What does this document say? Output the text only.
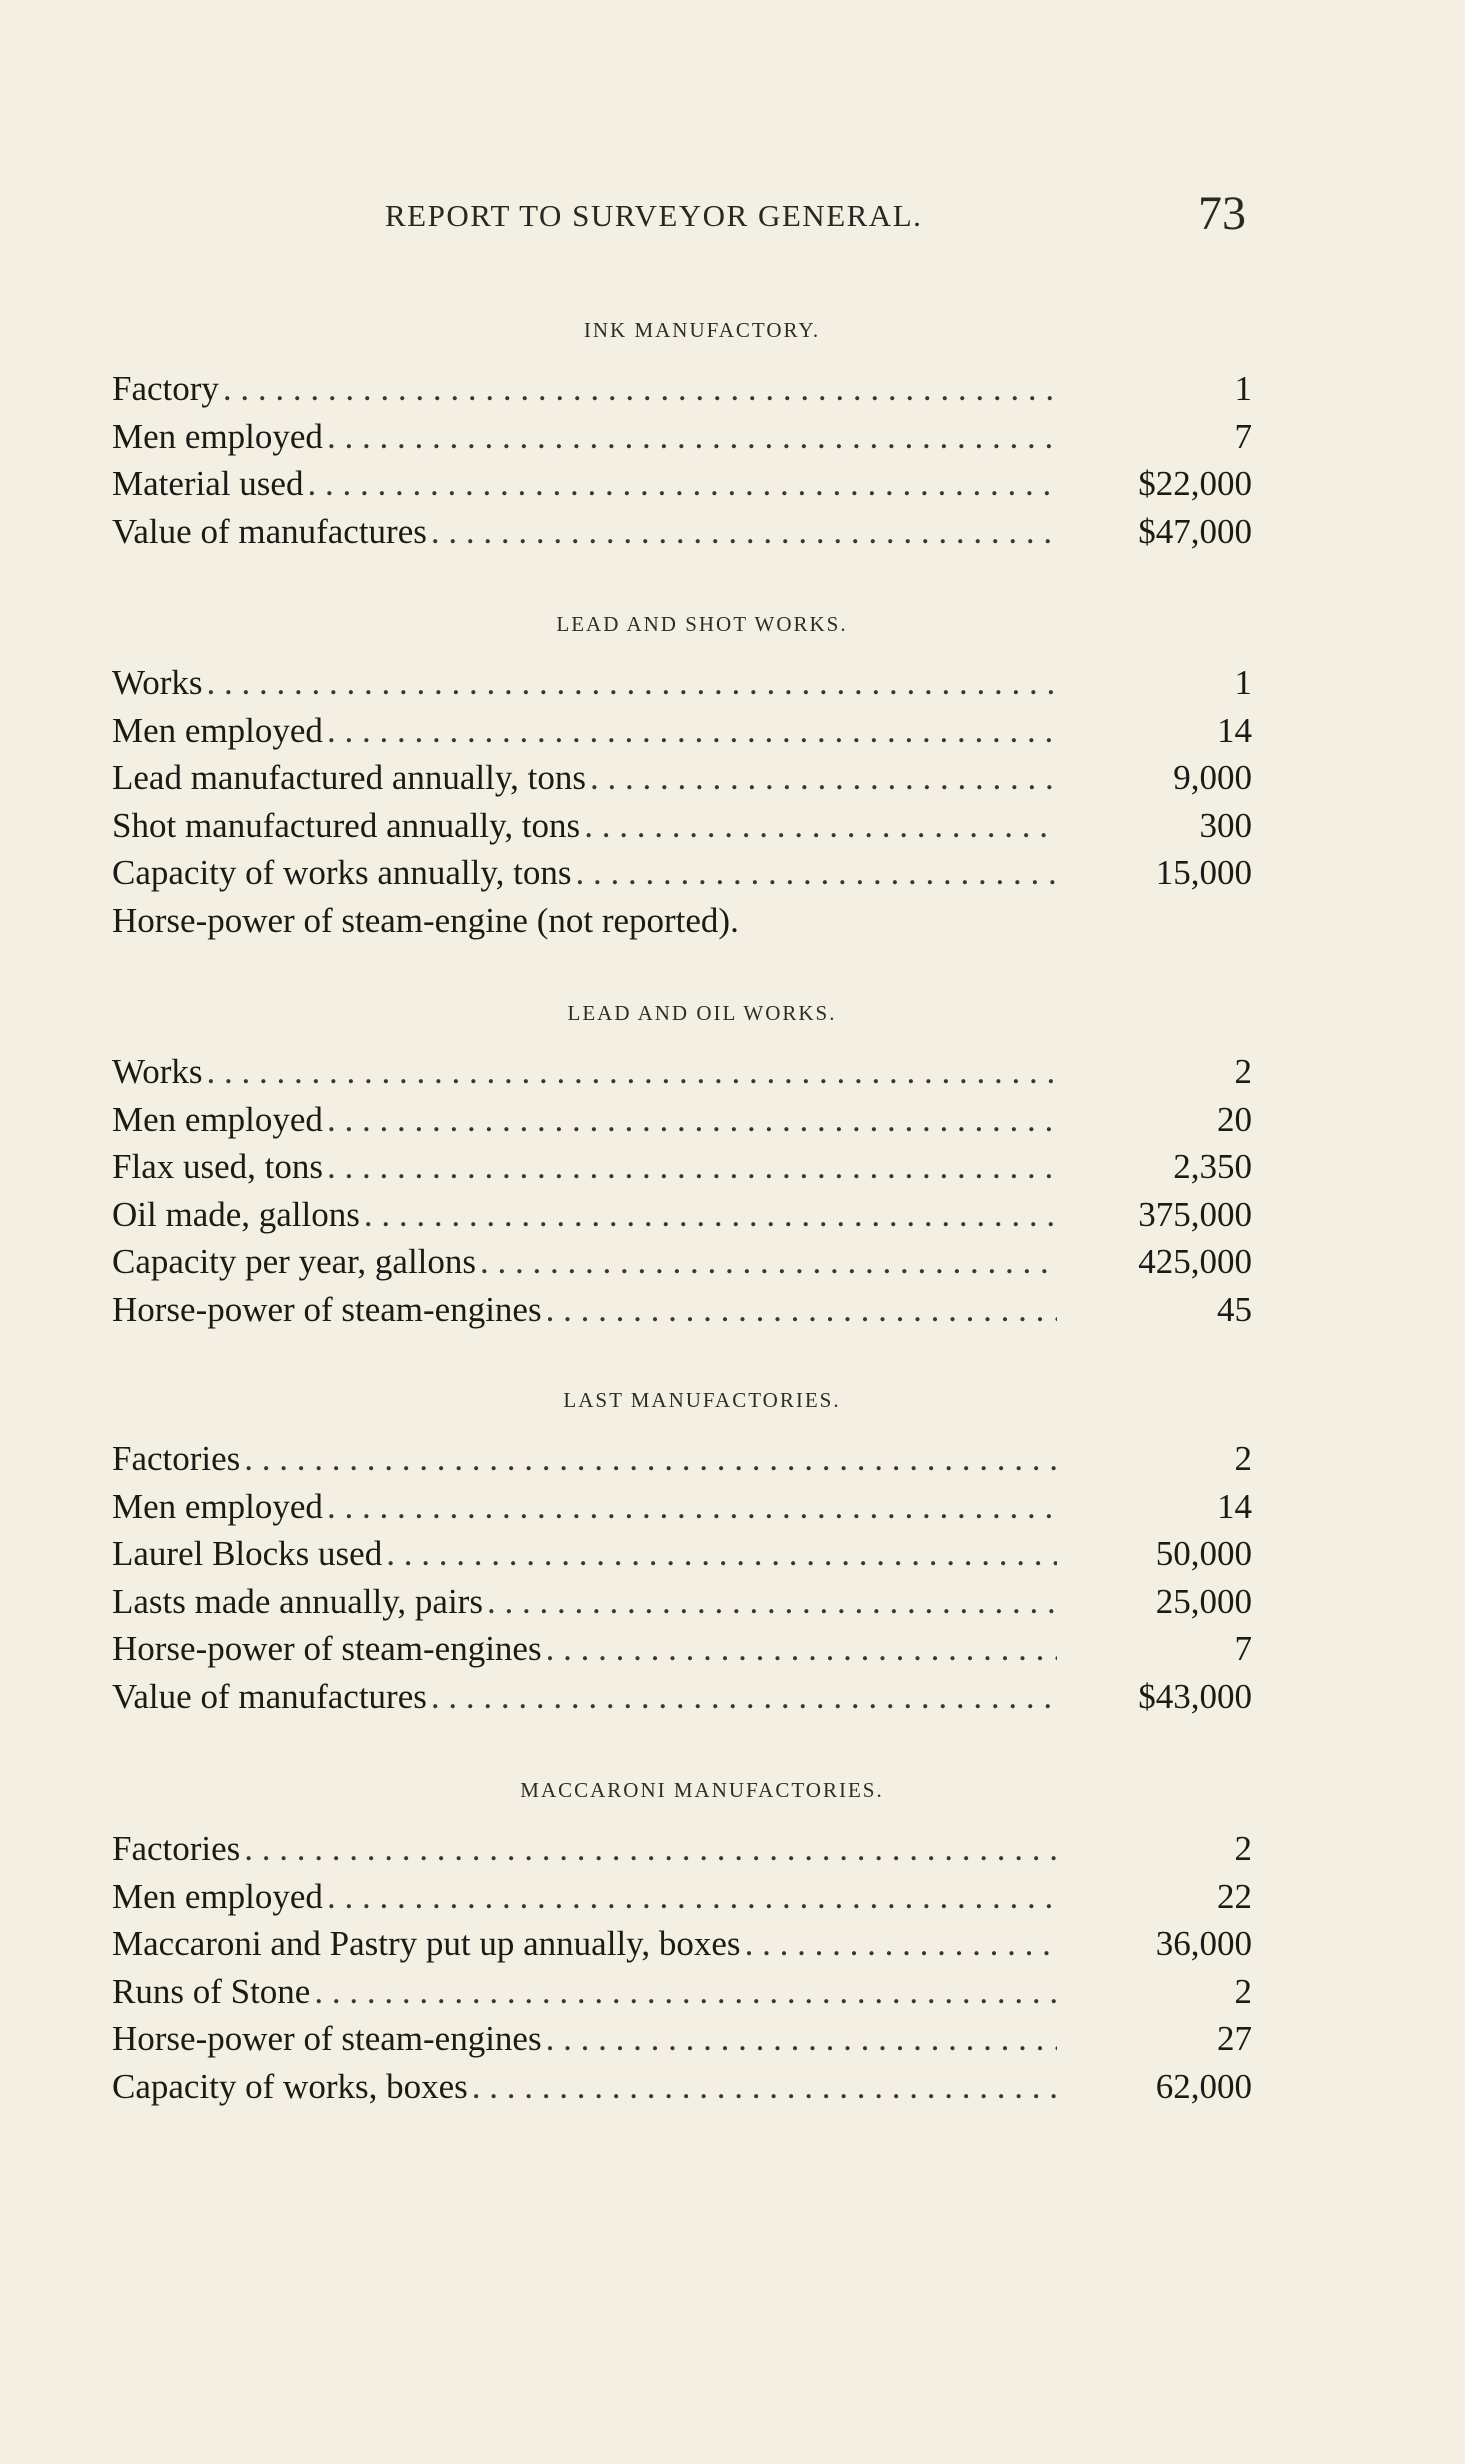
REPORT TO SURVEYOR GENERAL.	73
INK MANUFACTORY.
Factory . . .	1
Men employed . . .	7
Material used . . .	$22,000
Value of manufactures . . .	$47,000
LEAD AND SHOT WORKS.
Works . . .	1
Men employed . . .	14
Lead manufactured annually, tons . . .	9,000
Shot manufactured annually, tons . . .	300
Capacity of works annually, tons . . .	15,000
Horse-power of steam-engine (not reported).
LEAD AND OIL WORKS.
Works . . .	2
Men employed . . .	20
Flax used, tons . . .	2,350
Oil made, gallons . . .	375,000
Capacity per year, gallons . . .	425,000
Horse-power of steam-engines . . .	45
LAST MANUFACTORIES.
Factories . . .	2
Men employed . . .	14
Laurel Blocks used . . .	50,000
Lasts made annually, pairs . . .	25,000
Horse-power of steam-engines . . .	7
Value of manufactures . . .	$43,000
MACCARONI MANUFACTORIES.
Factories . . .	2
Men employed . . .	22
Maccaroni and Pastry put up annually, boxes . . .	36,000
Runs of Stone . . .	2
Horse-power of steam-engines . . .	27
Capacity of works, boxes . . .	62,000
